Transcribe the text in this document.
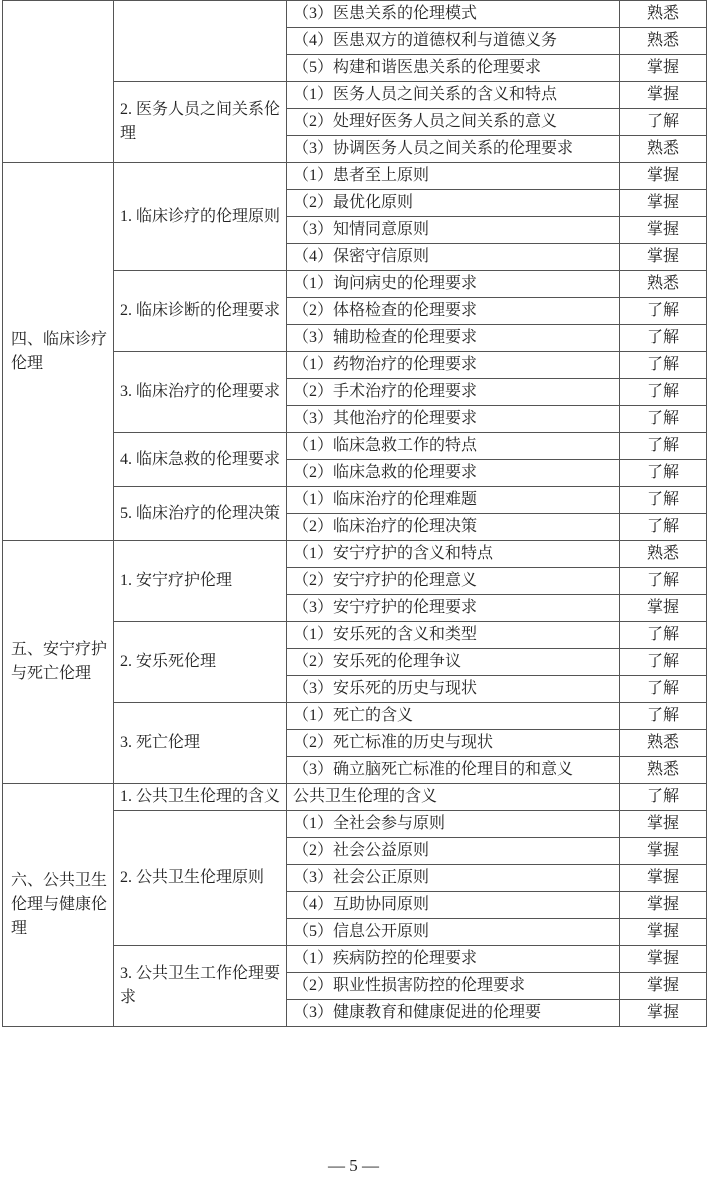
		（3）医患关系的伦理模式	熟悉
		（4）医患双方的道德权利与道德义务	熟悉
		（5）构建和谐医患关系的伦理要求	掌握
	2. 医务人员之间关系伦理	（1）医务人员之间关系的含义和特点	掌握
		（2）处理好医务人员之间关系的意义	了解
		（3）协调医务人员之间关系的伦理要求	熟悉
四、临床诊疗伦理	1. 临床诊疗的伦理原则	（1）患者至上原则	掌握
		（2）最优化原则	掌握
		（3）知情同意原则	掌握
		（4）保密守信原则	掌握
	2. 临床诊断的伦理要求	（1）询问病史的伦理要求	熟悉
		（2）体格检查的伦理要求	了解
		（3）辅助检查的伦理要求	了解
	3. 临床治疗的伦理要求	（1）药物治疗的伦理要求	了解
		（2）手术治疗的伦理要求	了解
		（3）其他治疗的伦理要求	了解
	4. 临床急救的伦理要求	（1）临床急救工作的特点	了解
		（2）临床急救的伦理要求	了解
	5. 临床治疗的伦理决策	（1）临床治疗的伦理难题	了解
		（2）临床治疗的伦理决策	了解
五、安宁疗护与死亡伦理	1. 安宁疗护伦理	（1）安宁疗护的含义和特点	熟悉
		（2）安宁疗护的伦理意义	了解
		（3）安宁疗护的伦理要求	掌握
	2. 安乐死伦理	（1）安乐死的含义和类型	了解
		（2）安乐死的伦理争议	了解
		（3）安乐死的历史与现状	了解
	3. 死亡伦理	（1）死亡的含义	了解
		（2）死亡标准的历史与现状	熟悉
		（3）确立脑死亡标准的伦理目的和意义	熟悉
六、公共卫生伦理与健康伦理	1. 公共卫生伦理的含义	公共卫生伦理的含义	了解
	2. 公共卫生伦理原则	（1）全社会参与原则	掌握
		（2）社会公益原则	掌握
		（3）社会公正原则	掌握
		（4）互助协同原则	掌握
		（5）信息公开原则	掌握
	3. 公共卫生工作伦理要求	（1）疾病防控的伦理要求	掌握
		（2）职业性损害防控的伦理要求	掌握
		（3）健康教育和健康促进的伦理要	掌握
— 5 —
